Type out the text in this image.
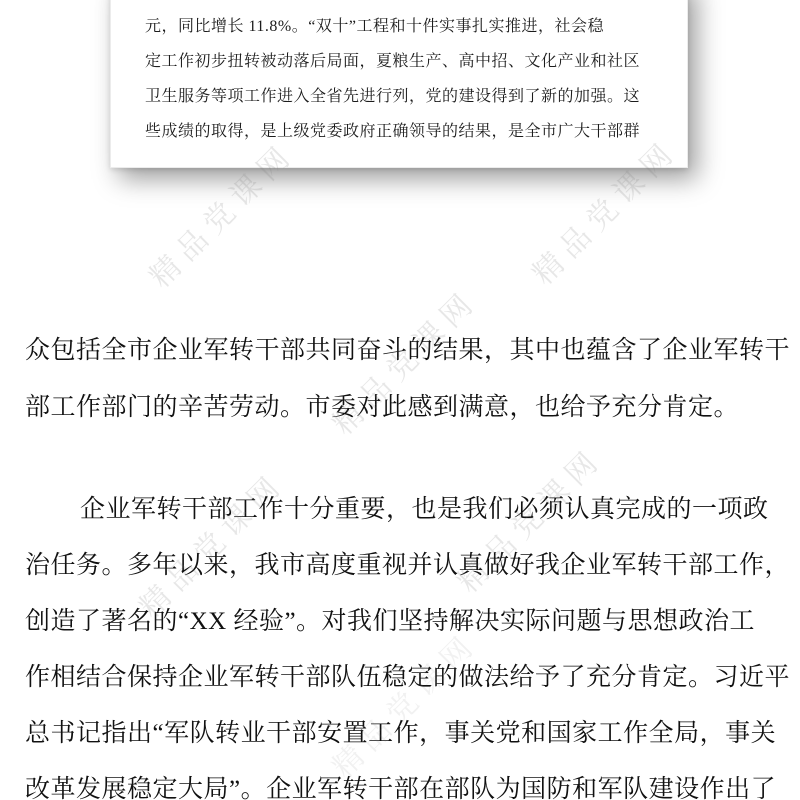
精品党课网	精品党课网
精品党课网
精品党课网	精品党课网
精品党课网
元，同比增长 11.8%。“双十”工程和十件实事扎实推进，社会稳
定工作初步扭转被动落后局面，夏粮生产、高中招、文化产业和社区
卫生服务等项工作进入全省先进行列，党的建设得到了新的加强。这
些成绩的取得，是上级党委政府正确领导的结果，是全市广大干部群
众包括全市企业军转干部共同奋斗的结果，其中也蕴含了企业军转干
部工作部门的辛苦劳动。市委对此感到满意，也给予充分肯定。
企业军转干部工作十分重要，也是我们必须认真完成的一项政
治任务。多年以来，我市高度重视并认真做好我企业军转干部工作，
创造了著名的“XX 经验”。对我们坚持解决实际问题与思想政治工
作相结合保持企业军转干部队伍稳定的做法给予了充分肯定。习近平
总书记指出“军队转业干部安置工作，事关党和国家工作全局，事关
改革发展稳定大局”。企业军转干部在部队为国防和军队建设作出了
